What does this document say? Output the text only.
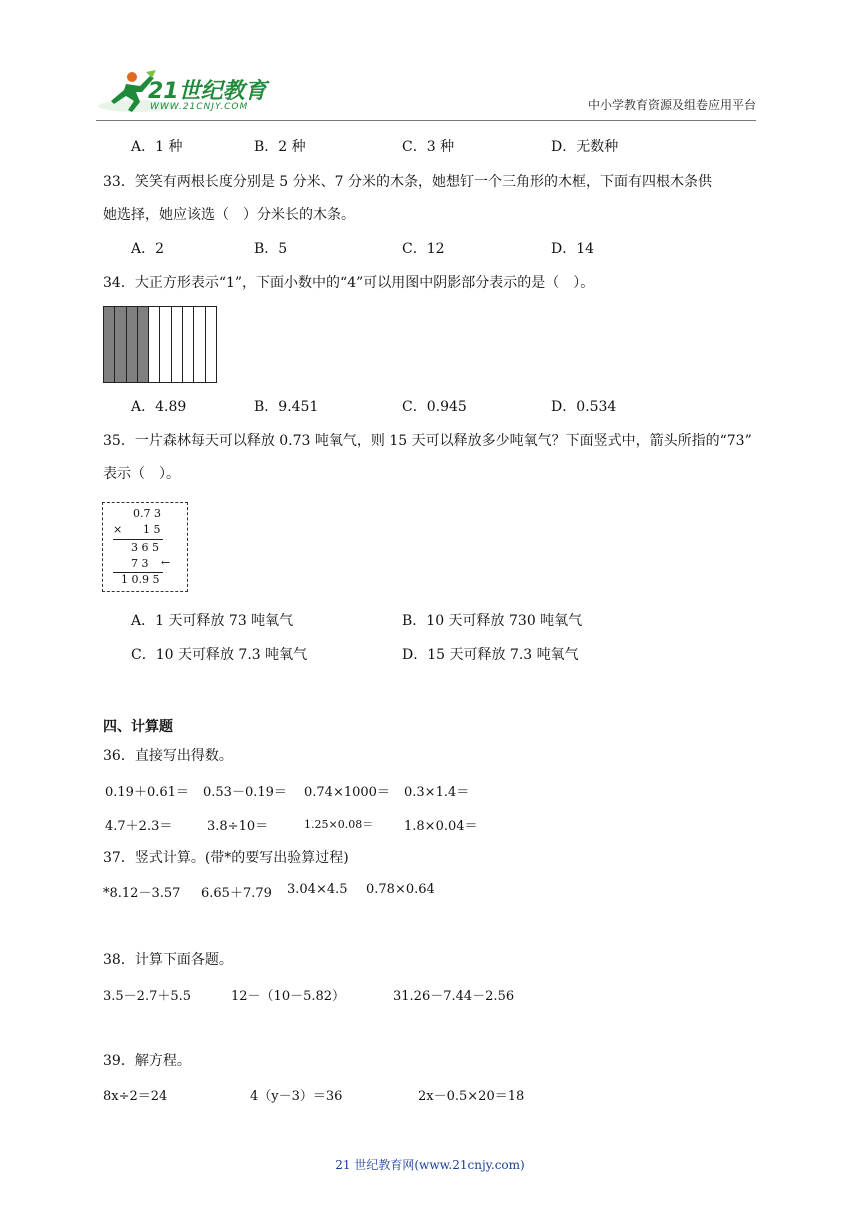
21世纪教育
WWW.21CNJY.COM	中小学教育资源及组卷应用平台
A．1 种	B．2 种	C．3 种	D．无数种
33．笑笑有两根长度分别是 5 分米、7 分米的木条，她想钉一个三角形的木框，下面有四根木条供
她选择，她应该选（　）分米长的木条。
A．2	B．5	C．12	D．14
34．大正方形表示“1”，下面小数中的“4”可以用图中阴影部分表示的是（　）。
A．4.89	B．9.451	C．0.945	D．0.534
35．一片森林每天可以释放 0.73 吨氧气，则 15 天可以释放多少吨氧气？下面竖式中，箭头所指的“73”
表示（　）。
0.7 3
× 1 5
3 6 5
7 3 ←
1 0.9 5
A．1 天可释放 73 吨氧气	B．10 天可释放 730 吨氧气
C．10 天可释放 7.3 吨氧气	D．15 天可释放 7.3 吨氧气
四、计算题
36．直接写出得数。
0.19＋0.61＝ 0.53－0.19＝ 0.74×1000＝ 0.3×1.4＝
4.7＋2.3＝	3.8÷10＝	1.25×0.08＝ 1.8×0.04＝
37．竖式计算。(带*的要写出验算过程)
*8.12－3.57 6.65＋7.79 3.04×4.5 0.78×0.64
38．计算下面各题。
3.5－2.7＋5.5	12－（10－5.82）	31.26－7.44－2.56
39．解方程。
8x÷2＝24	4（y－3）＝36	2x－0.5×20＝18
21 世纪教育网(www.21cnjy.com)
